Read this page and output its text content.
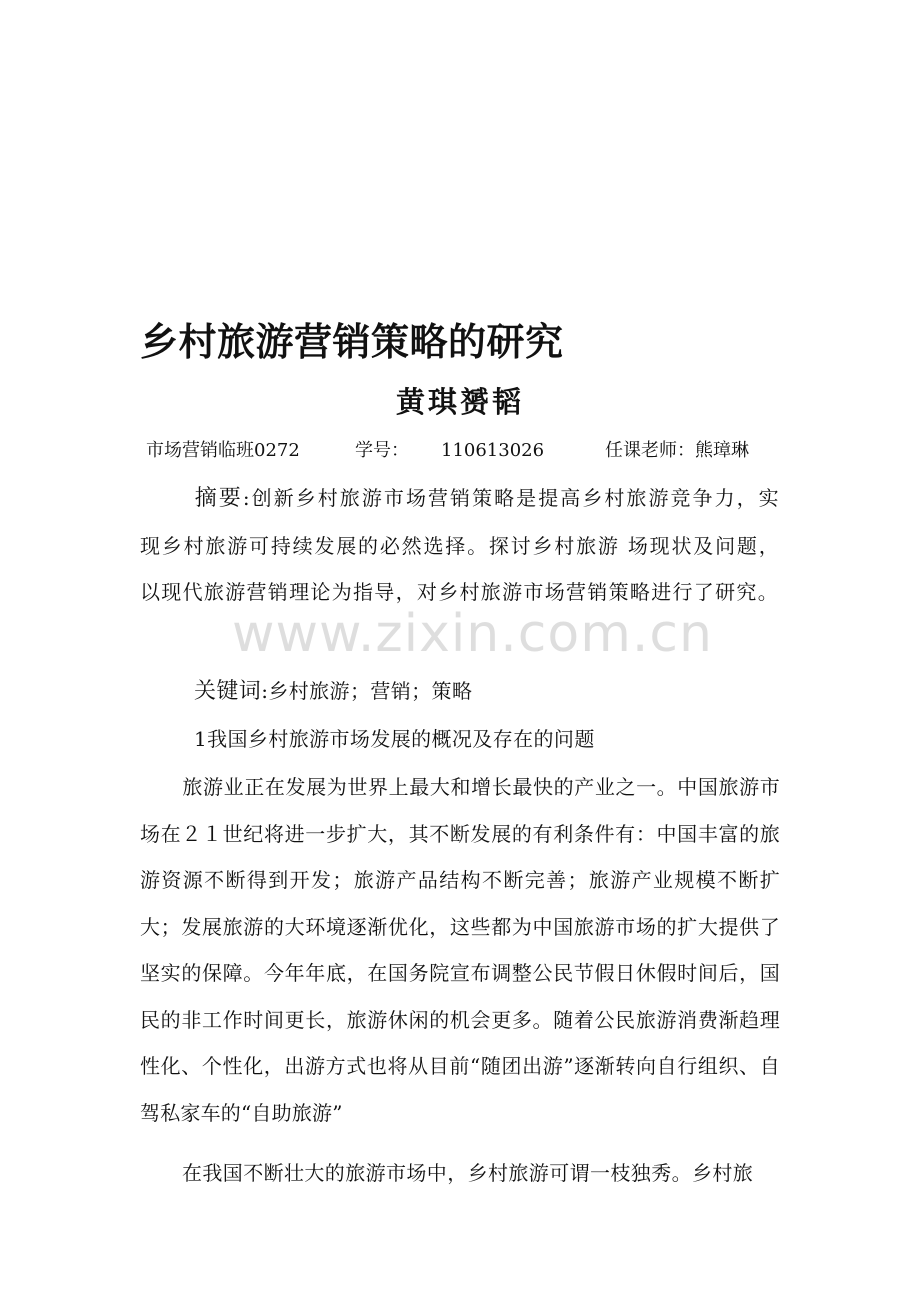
乡村旅游营销策略的研究
黄琪赟韬
市场营销临班0272	学号： 110613026	任课老师：熊璋琳
摘要:创新乡村旅游市场营销策略是提高乡村旅游竞争力，实现乡村旅游可持续发展的必然选择。探讨乡村旅游 场现状及问题，以现代旅游营销理论为指导，对乡村旅游市场营销策略进行了研究。
关键词:乡村旅游；营销；策略
1我国乡村旅游市场发展的概况及存在的问题
旅游业正在发展为世界上最大和增长最快的产业之一。中国旅游市场在２１世纪将进一步扩大，其不断发展的有利条件有：中国丰富的旅游资源不断得到开发；旅游产品结构不断完善；旅游产业规模不断扩大；发展旅游的大环境逐渐优化，这些都为中国旅游市场的扩大提供了坚实的保障。今年年底，在国务院宣布调整公民节假日休假时间后，国民的非工作时间更长，旅游休闲的机会更多。随着公民旅游消费渐趋理性化、个性化，出游方式也将从目前“随团出游”逐渐转向自行组织、自驾私家车的“自助旅游”
在我国不断壮大的旅游市场中，乡村旅游可谓一枝独秀。乡村旅
www.zixin.com.cn
